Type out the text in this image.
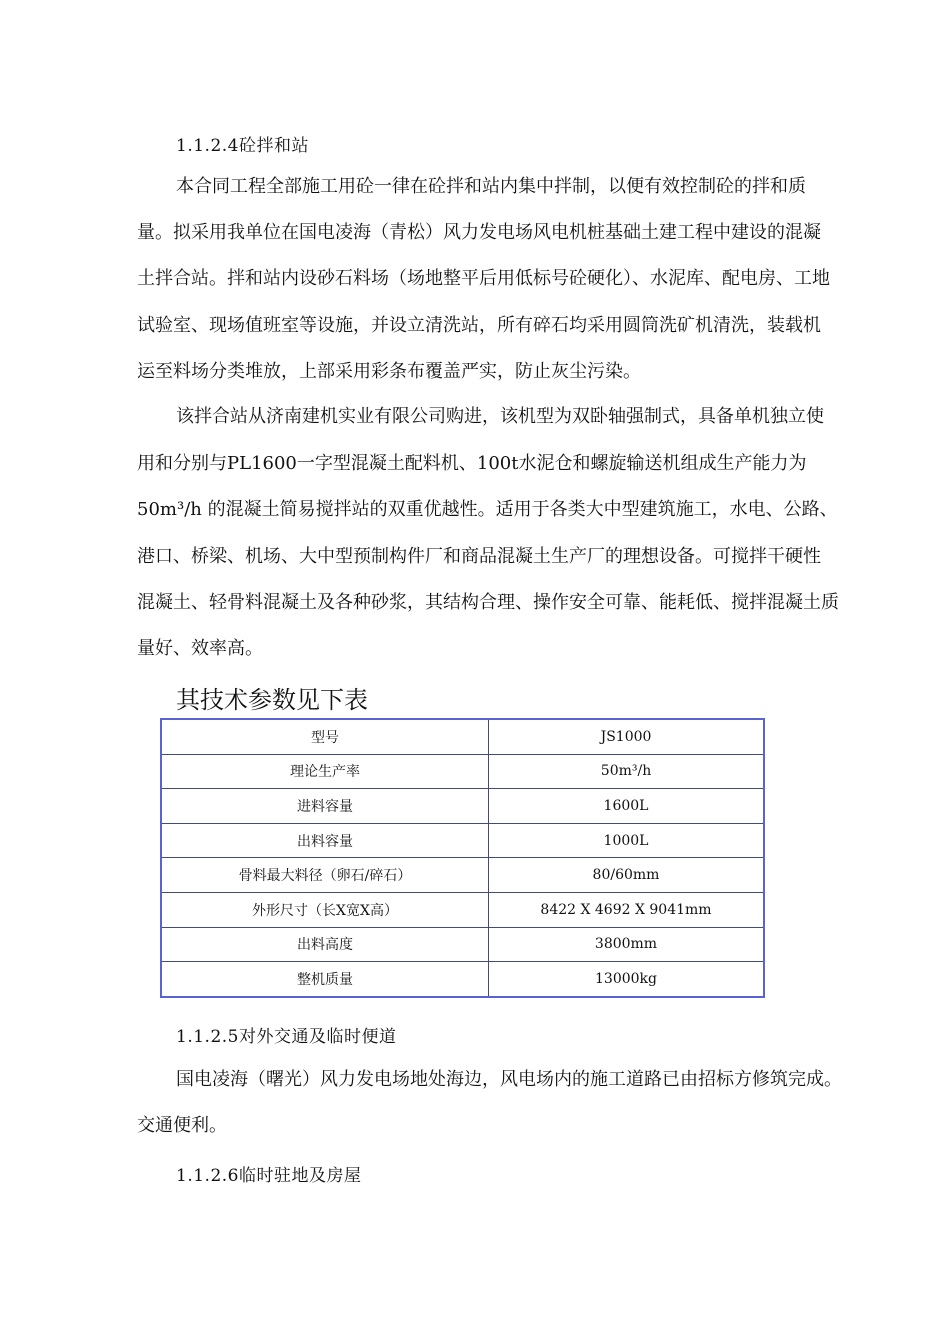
1.1.2.4砼拌和站
本合同工程全部施工用砼一律在砼拌和站内集中拌制，以便有效控制砼的拌和质
量。拟采用我单位在国电凌海（青松）风力发电场风电机桩基础土建工程中建设的混凝
土拌合站。拌和站内设砂石料场（场地整平后用低标号砼硬化）、水泥库、配电房、工地
试验室、现场值班室等设施，并设立清洗站，所有碎石均采用圆筒洗矿机清洗，装载机
运至料场分类堆放，上部采用彩条布覆盖严实，防止灰尘污染。
该拌合站从济南建机实业有限公司购进，该机型为双卧轴强制式，具备单机独立使
用和分别与PL1600一字型混凝土配料机、100t水泥仓和螺旋输送机组成生产能力为
50m³/h 的混凝土简易搅拌站的双重优越性。适用于各类大中型建筑施工，水电、公路、
港口、桥梁、机场、大中型预制构件厂和商品混凝土生产厂的理想设备。可搅拌干硬性
混凝土、轻骨料混凝土及各种砂浆，其结构合理、操作安全可靠、能耗低、搅拌混凝土质
量好、效率高。
其技术参数见下表
型号	JS1000
理论生产率	50m³/h
进料容量	1600L
出料容量	1000L
骨料最大料径（卵石/碎石）	80/60mm
外形尺寸（长X宽X高）	8422 X 4692 X 9041mm
出料高度	3800mm
整机质量	13000kg
1.1.2.5对外交通及临时便道
国电凌海（曙光）风力发电场地处海边，风电场内的施工道路已由招标方修筑完成。
交通便利。
1.1.2.6临时驻地及房屋
